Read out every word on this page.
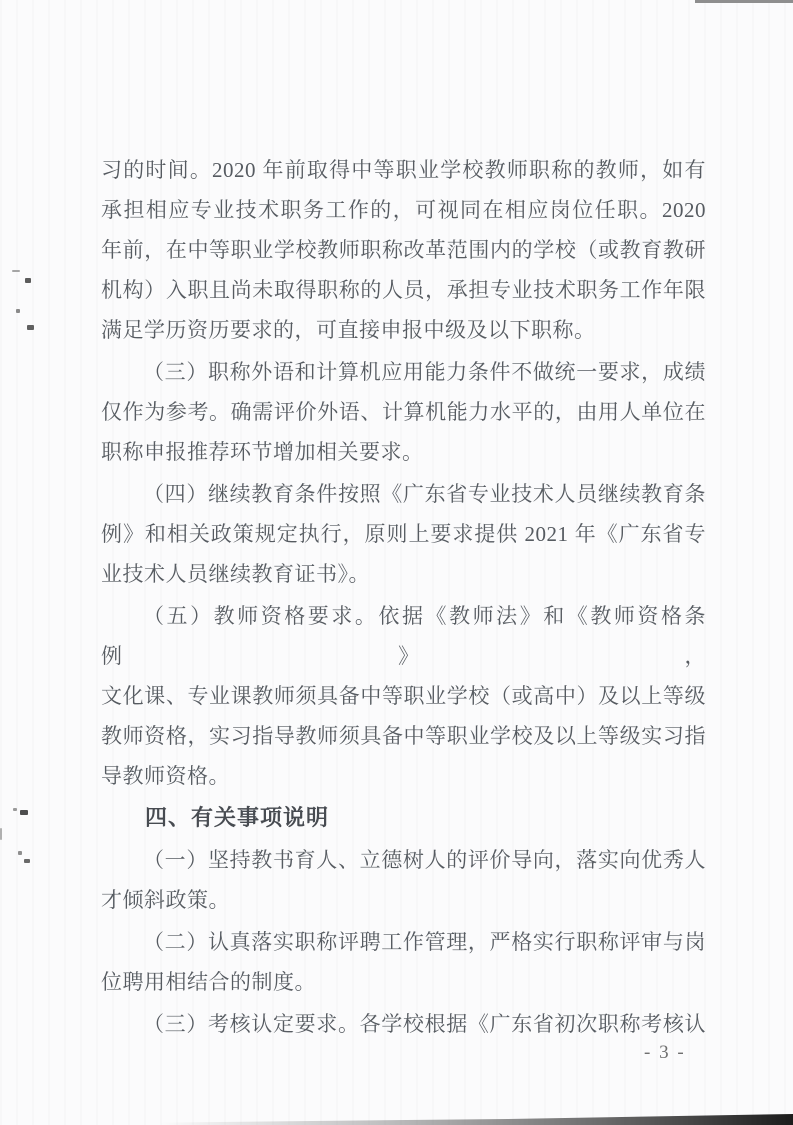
习的时间。2020 年前取得中等职业学校教师职称的教师，如有
承担相应专业技术职务工作的，可视同在相应岗位任职。2020
年前，在中等职业学校教师职称改革范围内的学校（或教育教研
机构）入职且尚未取得职称的人员，承担专业技术职务工作年限
满足学历资历要求的，可直接申报中级及以下职称。
（三）职称外语和计算机应用能力条件不做统一要求，成绩
仅作为参考。确需评价外语、计算机能力水平的，由用人单位在
职称申报推荐环节增加相关要求。
（四）继续教育条件按照《广东省专业技术人员继续教育条
例》和相关政策规定执行，原则上要求提供 2021 年《广东省专
业技术人员继续教育证书》。
（五）教师资格要求。依据《教师法》和《教师资格条例》，
文化课、专业课教师须具备中等职业学校（或高中）及以上等级
教师资格，实习指导教师须具备中等职业学校及以上等级实习指
导教师资格。
四、有关事项说明
（一）坚持教书育人、立德树人的评价导向，落实向优秀人
才倾斜政策。
（二）认真落实职称评聘工作管理，严格实行职称评审与岗
位聘用相结合的制度。
（三）考核认定要求。各学校根据《广东省初次职称考核认
- 3 -
